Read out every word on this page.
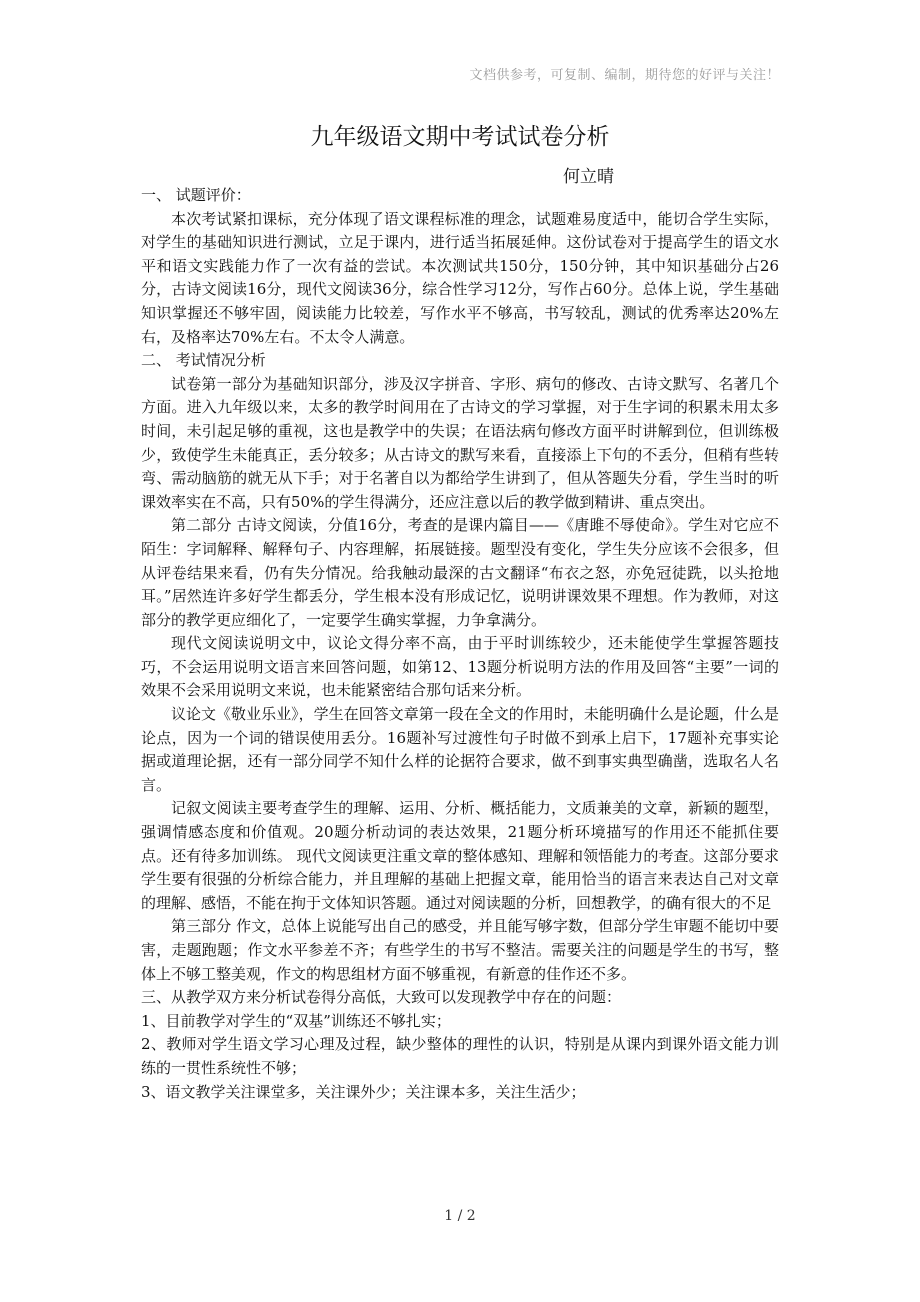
文档供参考，可复制、编制，期待您的好评与关注！
九年级语文期中考试试卷分析
何立晴

一、 试题评价：

本次考试紧扣课标，充分体现了语文课程标准的理念，试题难易度适中，能切合学生实际，对学生的基础知识进行测试，立足于课内，进行适当拓展延伸。这份试卷对于提高学生的语文水平和语文实践能力作了一次有益的尝试。本次测试共150分，150分钟，其中知识基础分占26分，古诗文阅读16分，现代文阅读36分，综合性学习12分，写作占60分。总体上说，学生基础知识掌握还不够牢固，阅读能力比较差，写作水平不够高，书写较乱，测试的优秀率达20%左右，及格率达70%左右。不太令人满意。

二、 考试情况分析

试卷第一部分为基础知识部分，涉及汉字拼音、字形、病句的修改、古诗文默写、名著几个方面。进入九年级以来，太多的教学时间用在了古诗文的学习掌握，对于生字词的积累未用太多时间，未引起足够的重视，这也是教学中的失误；在语法病句修改方面平时讲解到位，但训练极少，致使学生未能真正，丢分较多；从古诗文的默写来看，直接添上下句的不丢分，但稍有些转弯、需动脑筋的就无从下手；对于名著自以为都给学生讲到了，但从答题失分看，学生当时的听课效率实在不高，只有50%的学生得满分，还应注意以后的教学做到精讲、重点突出。

第二部分 古诗文阅读，分值16分，考查的是课内篇目——《唐雎不辱使命》。学生对它应不陌生：字词解释、解释句子、内容理解，拓展链接。题型没有变化，学生失分应该不会很多，但从评卷结果来看，仍有失分情况。给我触动最深的古文翻译“布衣之怒，亦免冠徒跣，以头抢地耳。”居然连许多好学生都丢分，学生根本没有形成记忆，说明讲课效果不理想。作为教师，对这部分的教学更应细化了，一定要学生确实掌握，力争拿满分。

现代文阅读说明文中，议论文得分率不高，由于平时训练较少，还未能使学生掌握答题技巧，不会运用说明文语言来回答问题，如第12、13题分析说明方法的作用及回答“主要”一词的效果不会采用说明文来说，也未能紧密结合那句话来分析。

议论文《敬业乐业》，学生在回答文章第一段在全文的作用时，未能明确什么是论题，什么是论点，因为一个词的错误使用丢分。16题补写过渡性句子时做不到承上启下，17题补充事实论据或道理论据，还有一部分同学不知什么样的论据符合要求，做不到事实典型确凿，选取名人名言。

记叙文阅读主要考查学生的理解、运用、分析、概括能力，文质兼美的文章，新颖的题型，强调情感态度和价值观。20题分析动词的表达效果，21题分析环境描写的作用还不能抓住要点。还有待多加训练。 现代文阅读更注重文章的整体感知、理解和领悟能力的考查。这部分要求学生要有很强的分析综合能力，并且理解的基础上把握文章，能用恰当的语言来表达自己对文章的理解、感悟，不能在拘于文体知识答题。通过对阅读题的分析，回想教学，的确有很大的不足

第三部分 作文，总体上说能写出自己的感受，并且能写够字数，但部分学生审题不能切中要害，走题跑题；作文水平参差不齐；有些学生的书写不整洁。需要关注的问题是学生的书写，整体上不够工整美观，作文的构思组材方面不够重视，有新意的佳作还不多。

三、从教学双方来分析试卷得分高低，大致可以发现教学中存在的问题：

1、目前教学对学生的“双基”训练还不够扎实；

2、教师对学生语文学习心理及过程，缺少整体的理性的认识，特别是从课内到课外语文能力训练的一贯性系统性不够；

3、语文教学关注课堂多，关注课外少；关注课本多，关注生活少；

1 / 2
